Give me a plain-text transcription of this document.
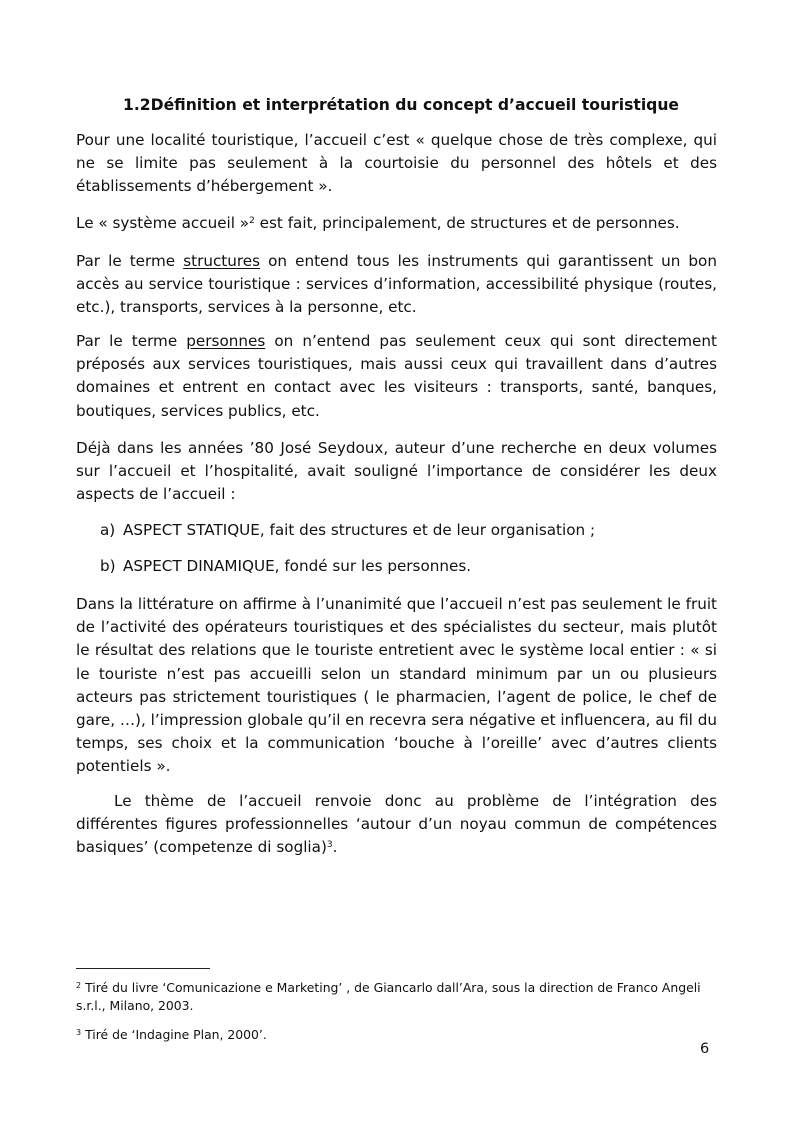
1.2Définition et interprétation du concept d’accueil touristique

Pour une localité touristique, l’accueil c’est « quelque chose de très complexe, qui ne se limite pas seulement à la courtoisie du personnel des hôtels et des établissements d’hébergement ».

Le « système accueil »$^2$ est fait, principalement, de structures et de personnes.

Par le terme structures on entend tous les instruments qui garantissent un bon accès au service touristique : services d’information, accessibilité physique (routes, etc.), transports, services à la personne, etc.

Par le terme personnes on n’entend pas seulement ceux qui sont directement préposés aux services touristiques, mais aussi ceux qui travaillent dans d’autres domaines et entrent en contact avec les visiteurs : transports, santé, banques, boutiques, services publics, etc.

Déjà dans les années ’80 José Seydoux, auteur d’une recherche en deux volumes sur l’accueil et l’hospitalité, avait souligné l’importance de considérer les deux aspects de l’accueil :

a) ASPECT STATIQUE, fait des structures et de leur organisation ;

b) ASPECT DINAMIQUE, fondé sur les personnes.

Dans la littérature on affirme à l’unanimité que l’accueil n’est pas seulement le fruit de l’activité des opérateurs touristiques et des spécialistes du secteur, mais plutôt le résultat des relations que le touriste entretient avec le système local entier : « si le touriste n’est pas accueilli selon un standard minimum par un ou plusieurs acteurs pas strictement touristiques ( le pharmacien, l’agent de police, le chef de gare, …), l’impression globale qu’il en recevra sera négative et influencera, au fil du temps, ses choix et la communication ‘bouche à l’oreille’ avec d’autres clients potentiels ».

Le thème de l’accueil renvoie donc au problème de l’intégration des différentes figures professionnelles ‘autour d’un noyau commun de compétences basiques’ (competenze di soglia)$^3$.

$^2$ Tiré du livre ‘Comunicazione e Marketing’ , de Giancarlo dall’Ara, sous la direction de Franco Angeli s.r.l., Milano, 2003.

$^3$ Tiré de ‘Indagine Plan, 2000’.

6
